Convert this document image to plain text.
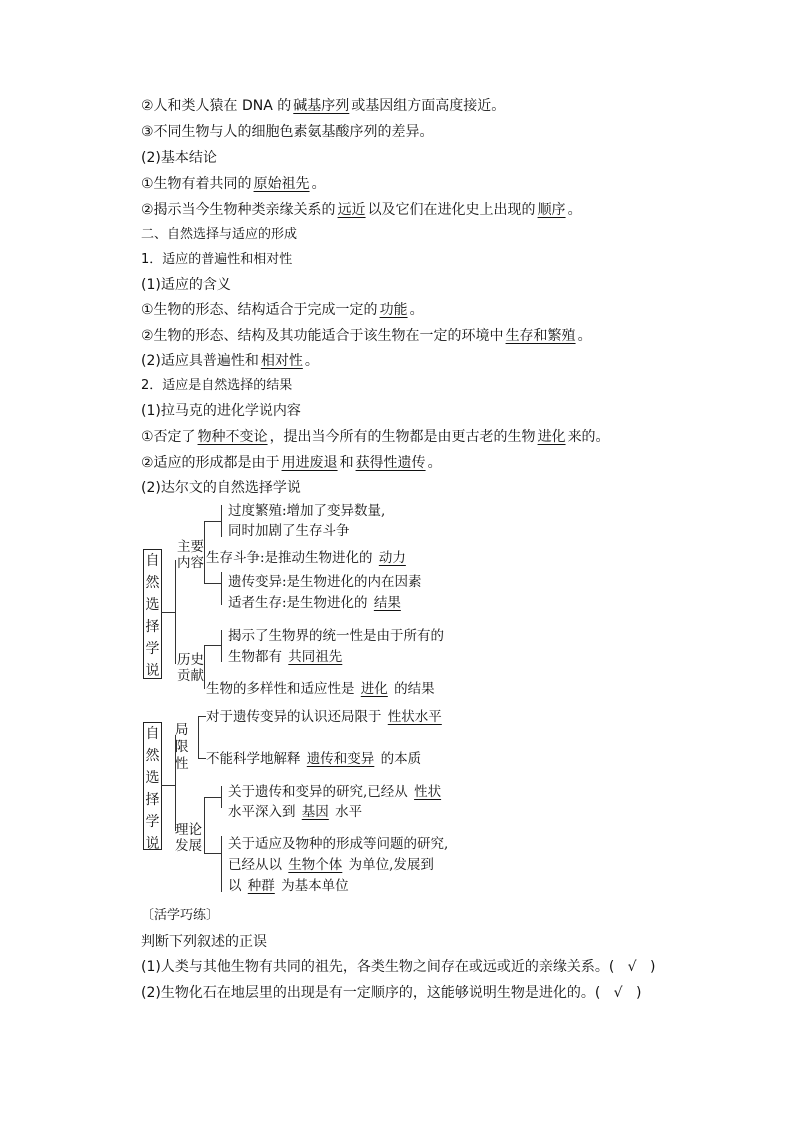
②人和类人猿在 DNA 的 碱基序列 或基因组方面高度接近。
③不同生物与人的细胞色素氨基酸序列的差异。
(2)基本结论
①生物有着共同的 原始祖先 。
②揭示当今生物种类亲缘关系的 远近 以及它们在进化史上出现的 顺序 。
二、自然选择与适应的形成
1．适应的普遍性和相对性
(1)适应的含义
①生物的形态、结构适合于完成一定的 功能 。
②生物的形态、结构及其功能适合于该生物在一定的环境中 生存和繁殖 。
(2)适应具普遍性和 相对性 。
2．适应是自然选择的结果
(1)拉马克的进化学说内容
①否定了 物种不变论 ，提出当今所有的生物都是由更古老的生物 进化 来的。
②适应的形成都是由于 用进废退 和 获得性遗传 。
(2)达尔文的自然选择学说
自然选择学说
主要内容
过度繁殖:增加了变异数量,
同时加剧了生存斗争
生存斗争:是推动生物进化的 动力
遗传变异:是生物进化的内在因素
适者生存:是生物进化的 结果
历史贡献
揭示了生物界的统一性是由于所有的
生物都有 共同祖先
生物的多样性和适应性是 进化 的结果
自然选择学说
局限性
对于遗传变异的认识还局限于 性状水平
不能科学地解释 遗传和变异 的本质
理论发展
关于遗传和变异的研究,已经从 性状
水平深入到 基因 水平
关于适应及物种的形成等问题的研究,
已经从以 生物个体 为单位,发展到
以 种群 为基本单位
〔活学巧练〕
判断下列叙述的正误
(1)人类与其他生物有共同的祖先，各类生物之间存在或远或近的亲缘关系。( √ )
(2)生物化石在地层里的出现是有一定顺序的，这能够说明生物是进化的。( √ )
